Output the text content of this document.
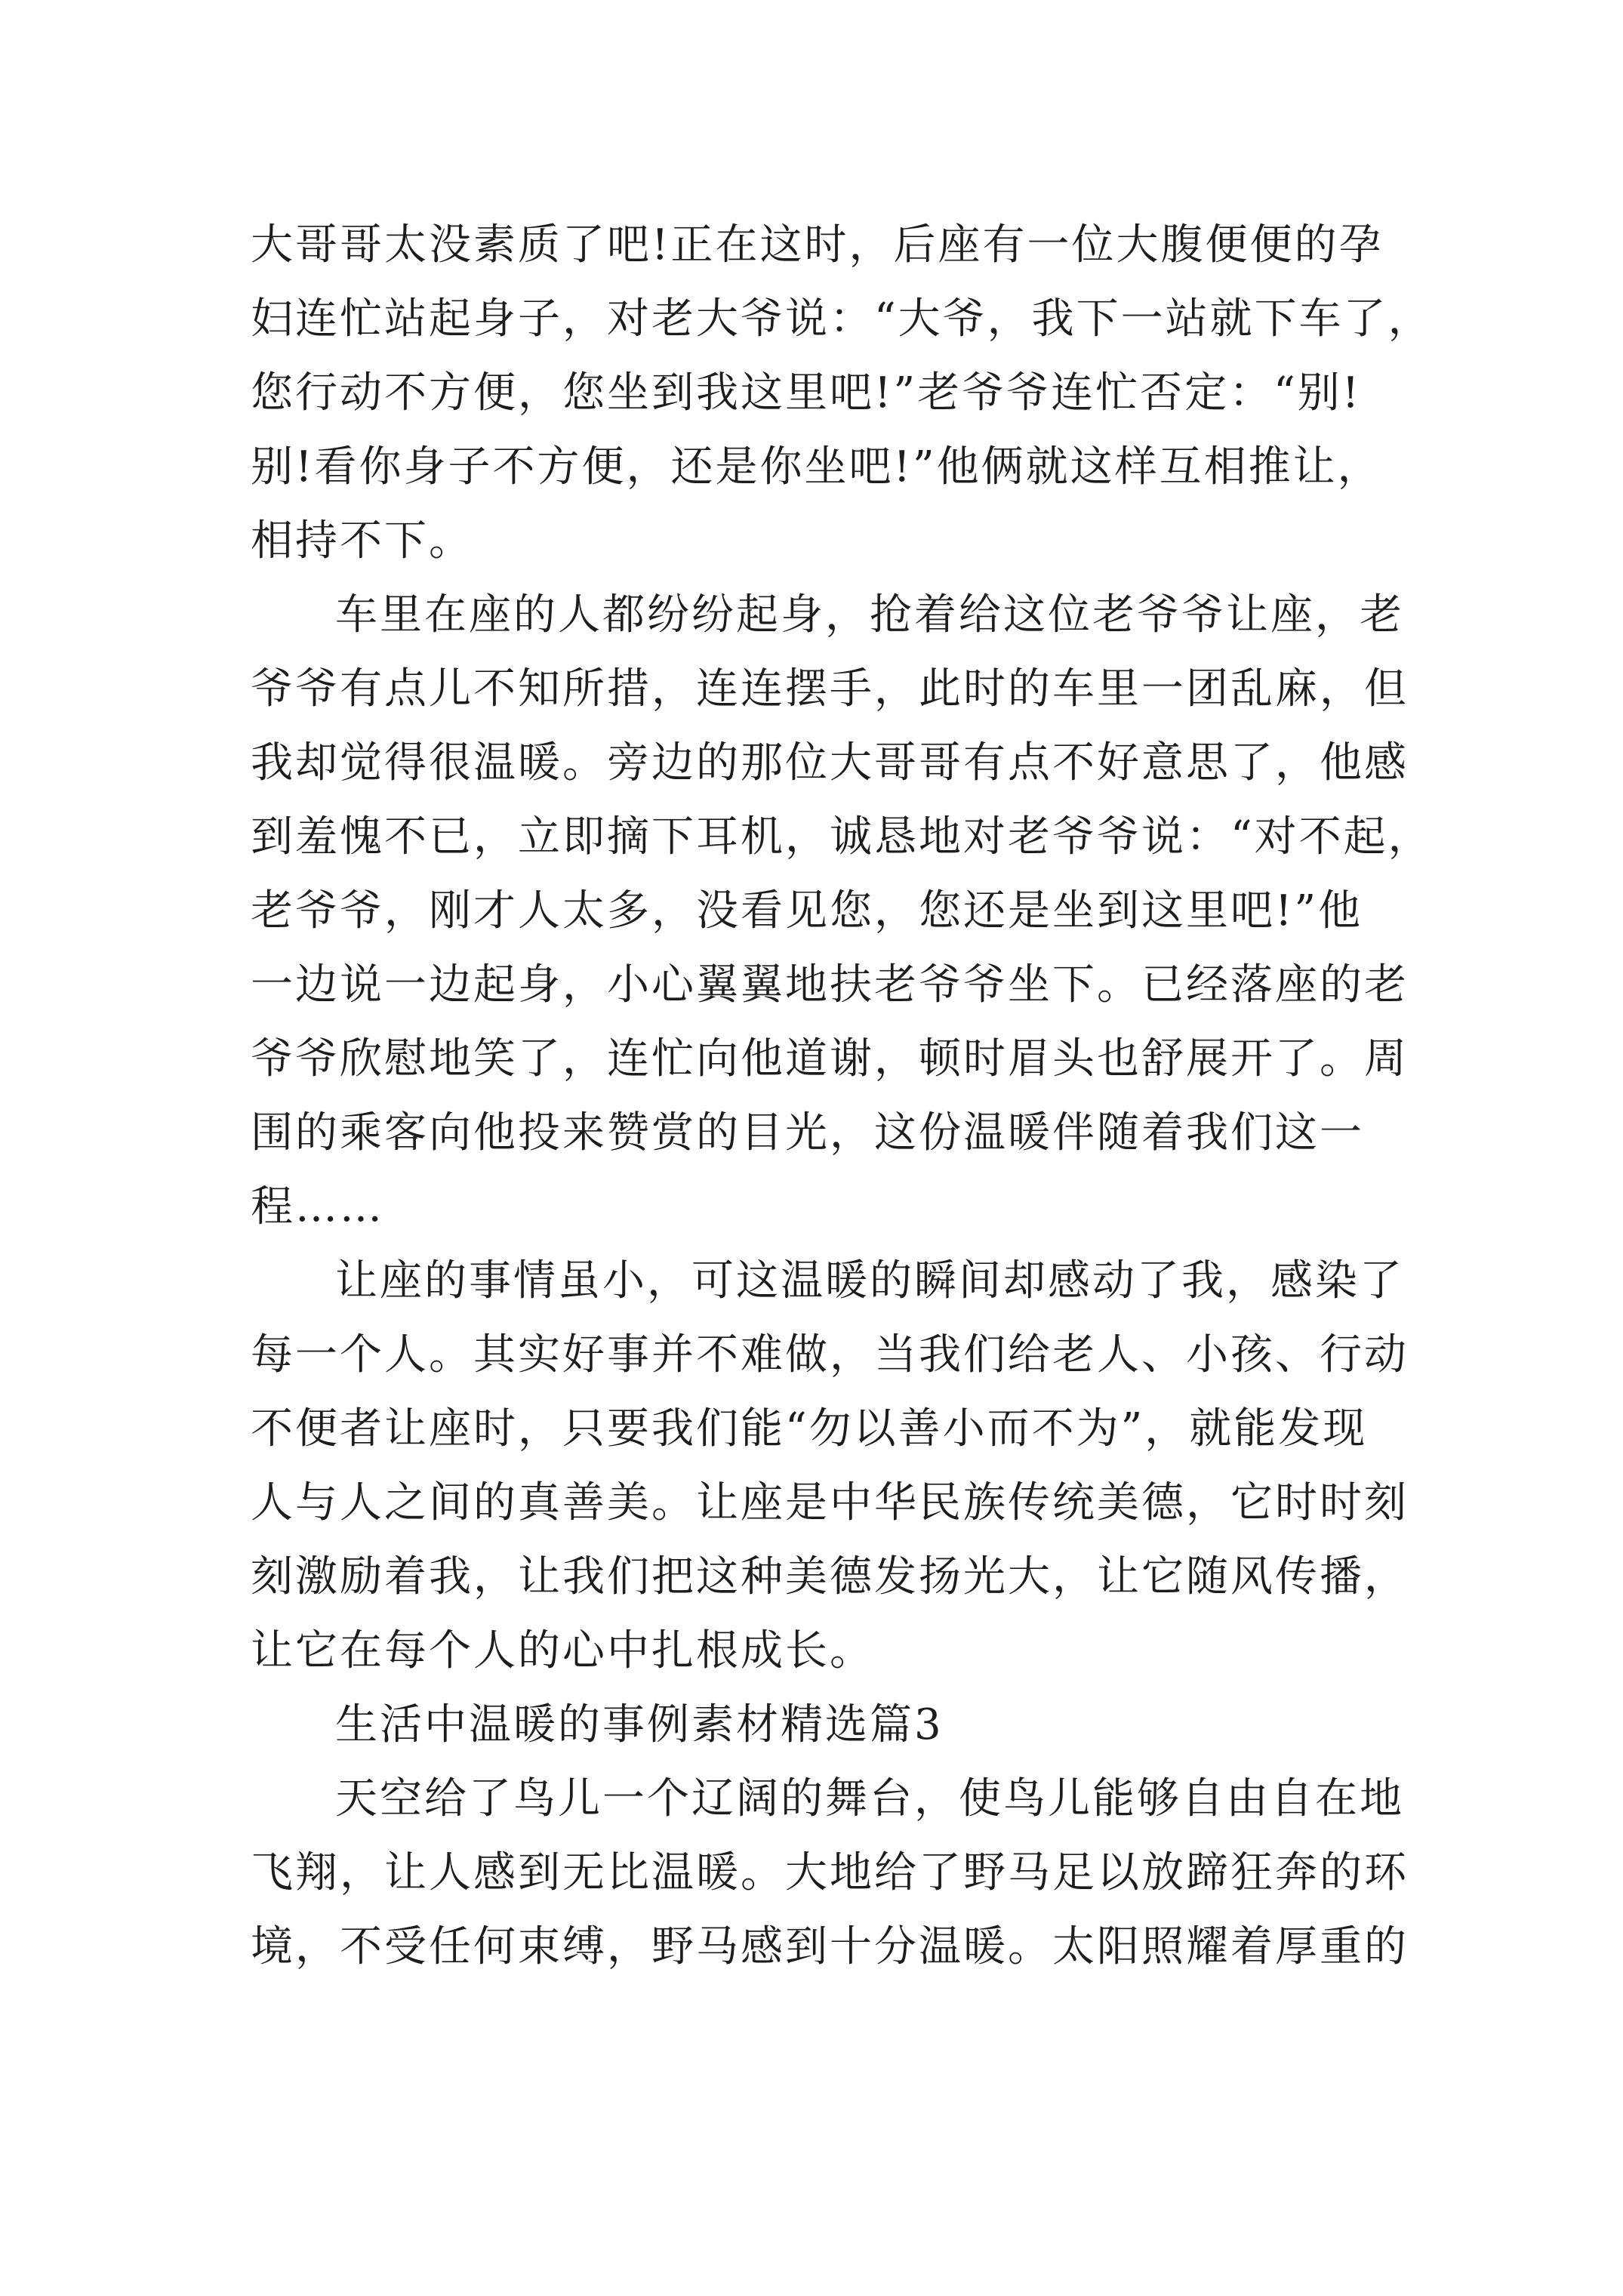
大哥哥太没素质了吧!正在这时，后座有一位大腹便便的孕
妇连忙站起身子，对老大爷说：“大爷，我下一站就下车了，
您行动不方便，您坐到我这里吧!”老爷爷连忙否定：“别!
别!看你身子不方便，还是你坐吧!”他俩就这样互相推让，
相持不下。
车里在座的人都纷纷起身，抢着给这位老爷爷让座，老
爷爷有点儿不知所措，连连摆手，此时的车里一团乱麻，但
我却觉得很温暖。旁边的那位大哥哥有点不好意思了，他感
到羞愧不已，立即摘下耳机，诚恳地对老爷爷说：“对不起，
老爷爷，刚才人太多，没看见您，您还是坐到这里吧!”他
一边说一边起身，小心翼翼地扶老爷爷坐下。已经落座的老
爷爷欣慰地笑了，连忙向他道谢，顿时眉头也舒展开了。周
围的乘客向他投来赞赏的目光，这份温暖伴随着我们这一
程……
让座的事情虽小，可这温暖的瞬间却感动了我，感染了
每一个人。其实好事并不难做，当我们给老人、小孩、行动
不便者让座时，只要我们能“勿以善小而不为”，就能发现
人与人之间的真善美。让座是中华民族传统美德，它时时刻
刻激励着我，让我们把这种美德发扬光大，让它随风传播，
让它在每个人的心中扎根成长。
生活中温暖的事例素材精选篇3
天空给了鸟儿一个辽阔的舞台，使鸟儿能够自由自在地
飞翔，让人感到无比温暖。大地给了野马足以放蹄狂奔的环
境，不受任何束缚，野马感到十分温暖。太阳照耀着厚重的
